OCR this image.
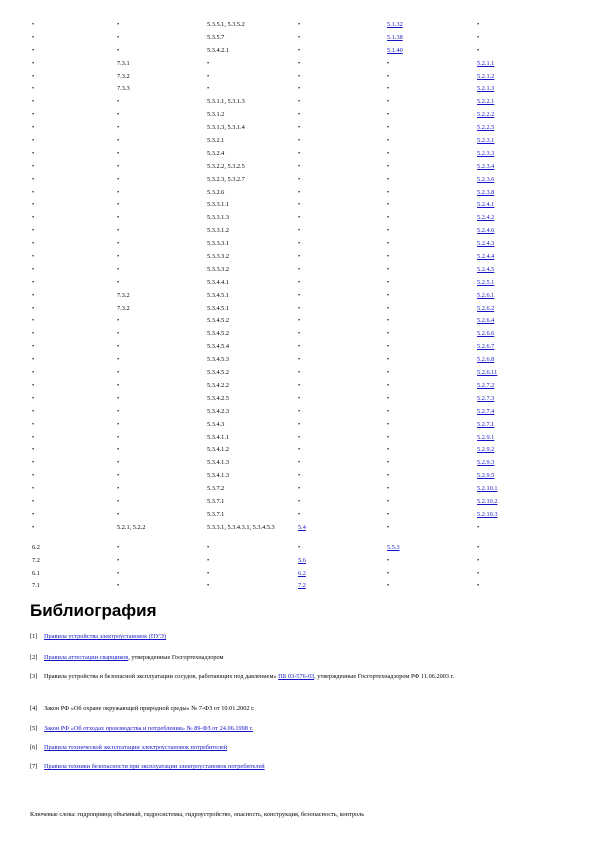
•	•	5.3.5.1, 5.3.5.2	•	5.1.32	•
•	•	5.3.5.7	•	5.1.38	•
•	•	5.3.4.2.1	•	5.1.40	•
•	7.3.1	•	•	•	5.2.1.1
•	7.3.2	•	•	•	5.2.1.2
•	7.3.3	•	•	•	5.2.1.3
•	•	5.3.1.1, 5.3.1.3	•	•	5.2.2.1
•	•	5.3.1.2	•	•	5.2.2.2
•	•	5.3.1.3, 5.3.1.4	•	•	5.2.2.5
•	•	5.3.2.1	•	•	5.2.3.1
•	•	5.3.2.4	•	•	5.2.3.3
•	•	5.3.2.2, 5.3.2.5	•	•	5.2.3.4
•	•	5.3.2.3, 5.3.2.7	•	•	5.2.3.6
•	•	5.3.2.6	•	•	5.2.3.8
•	•	5.3.3.1.1	•	•	5.2.4.1
•	•	5.3.3.1.3	•	•	5.2.4.2
•	•	5.3.3.1.2	•	•	5.2.4.6
•	•	5.3.3.3.1	•	•	5.2.4.3
•	•	5.3.3.3.2	•	•	5.2.4.4
•	•	5.3.3.3.2	•	•	5.2.4.5
•	•	5.3.4.4.1	•	•	5.2.5.1
•	7.3.2	5.3.4.5.1	•	•	5.2.6.1
•	7.3.2	5.3.4.5.1	•	•	5.2.6.2
•	•	5.3.4.5.2	•	•	5.2.6.4
•	•	5.3.4.5.2	•	•	5.2.6.6
•	•	5.3.4.5.4	•	•	5.2.6.7
•	•	5.3.4.5.3	•	•	5.2.6.8
•	•	5.3.4.5.2	•	•	5.2.6.11
•	•	5.3.4.2.2	•	•	5.2.7.2
•	•	5.3.4.2.5	•	•	5.2.7.3
•	•	5.3.4.2.3	•	•	5.2.7.4
•	•	5.3.4.3	•	•	5.2.7.1
•	•	5.3.4.1.1	•	•	5.2.9.1
•	•	5.3.4.1.2	•	•	5.2.9.2
•	•	5.3.4.1.3	•	•	5.2.9.3
•	•	5.3.4.1.3	•	•	5.2.9.5
•	•	5.3.7.2	•	•	5.2.10.1
•	•	5.3.7.1	•	•	5.2.10.2
•	•	5.3.7.1	•	•	5.2.10.3
•	5.2.1, 5.2.2	5.3.3.1, 5.3.4.3.1, 5.3.4.5.3	5.4	•	•
6.2	•	•	•	5.5.3	•
7.2	•	•	5.6	•	•
6.1	•	•	6.2	•	•
7.1	•	•	7.2	•	•
Библиография
[1] Правила устройства электроустановок (ПУЭ)
[2] Правила аттестации сварщиков, утвержденные Госгортехнадзором
[3] Правила устройства и безопасной эксплуатации сосудов, работающих под давлением» ПБ 03-576-03, утвержденные Госгортехнадзором РФ 11.06.2003 г.
[4] Закон РФ «Об охране окружающей природной среды» № 7-ФЗ от 10.01.2002 г.
[5] Закон РФ «Об отходах производства и потребления» № 89-ФЗ от 24.06.1998 г.
[6] Правила технической эксплуатации электроустановок потребителей
[7] Правила техники безопасности при эксплуатации электроустановок потребителей
Ключевые слова: гидропривод объемный, гидросистемы, гидроустройство, опасность, конструкция, безопасность, контроль
